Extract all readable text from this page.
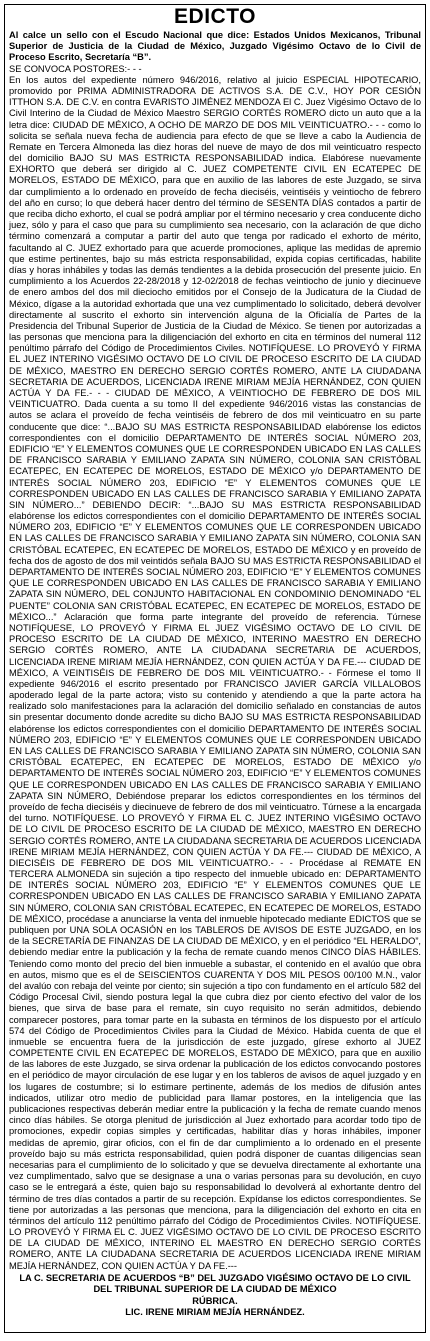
EDICTO

Al calce un sello con el Escudo Nacional que dice: Estados Unidos Mexicanos, Tribunal Superior de Justicia de la Ciudad de México, Juzgado Vigésimo Octavo de lo Civil de Proceso Escrito, Secretaría “B”.

SE CONVOCA POSTORES:- - -

En los autos del expediente número 946/2016, relativo al juicio ESPECIAL HIPOTECARIO, promovido por PRIMA ADMINISTRADORA DE ACTIVOS S.A. DE C.V., HOY POR CESIÓN ITTHON S.A. DE C.V. en contra EVARISTO JIMÉNEZ MENDOZA El C. Juez Vigésimo Octavo de lo Civil Interino de la Ciudad de México Maestro SERGIO CORTÉS ROMERO dicto un auto que a la letra dice: CIUDAD DE MÉXICO, A OCHO DE MARZO DE DOS MIL VEINTICUATRO.- - - como lo solicita se señala nueva fecha de audiencia para efecto de que se lleve a cabo la Audiencia de Remate en Tercera Almoneda las diez horas del nueve de mayo de dos mil veinticuatro respecto del domicilio BAJO SU MAS ESTRICTA RESPONSABILIDAD indica. Elabórese nuevamente EXHORTO que deberá ser dirigido al C. JUEZ COMPETENTE CIVIL EN ECATEPEC DE MORELOS, ESTADO DE MÉXICO, para que en auxilio de las labores de este Juzgado, se sirva dar cumplimiento a lo ordenado en proveído de fecha dieciséis, veintiséis y veintiocho de febrero del año en curso; lo que deberá hacer dentro del término de SESENTA DÍAS contados a partir de que reciba dicho exhorto, el cual se podrá ampliar por el término necesario y crea conducente dicho juez, sólo y para el caso que para su cumplimiento sea necesario, con la aclaración de que dicho término comenzará a computar a partir del auto que tenga por radicado el exhorto de mérito, facultando al C. JUEZ exhortado para que acuerde promociones, aplique las medidas de apremio que estime pertinentes, bajo su más estricta responsabilidad, expida copias certificadas, habilite días y horas inhábiles y todas las demás tendientes a la debida prosecución del presente juicio. En cumplimiento a los Acuerdos 22-28/2018 y 12-02/2018 de fechas veintiocho de junio y diecinueve de enero ambos del dos mil dieciocho emitidos por el Consejo de la Judicatura de la Ciudad de México, dígase a la autoridad exhortada que una vez cumplimentado lo solicitado, deberá devolver directamente al suscrito el exhorto sin intervención alguna de la Oficialía de Partes de la Presidencia del Tribunal Superior de Justicia de la Ciudad de México. Se tienen por autorizadas a las personas que menciona para la diligenciación del exhorto en cita en términos del numeral 112 penúltimo párrafo del Código de Procedimientos Civiles. NOTIFÍQUESE. LO PROVEYÓ Y FIRMA EL JUEZ INTERINO VIGÉSIMO OCTAVO DE LO CIVIL DE PROCESO ESCRITO DE LA CIUDAD DE MÉXICO, MAESTRO EN DERECHO SERGIO CORTÉS ROMERO, ANTE LA CIUDADANA SECRETARIA DE ACUERDOS, LICENCIADA IRENE MIRIAM MEJÍA HERNÁNDEZ, CON QUIEN ACTÚA Y DA FE.- - - CIUDAD DE MÉXICO, A VEINTIOCHO DE FEBRERO DE DOS MIL VEINTICUATRO. Dada cuenta a su tomo II del expediente 946/2016 vistas las constancias de autos se aclara el proveído de fecha veintiséis de febrero de dos mil veinticuatro en su parte conducente que dice: “...BAJO SU MAS ESTRICTA RESPONSABILIDAD elabórense los edictos correspondientes con el domicilio DEPARTAMENTO DE INTERÉS SOCIAL NÚMERO 203, EDIFICIO “E” Y ELEMENTOS COMUNES QUE LE CORRESPONDEN UBICADO EN LAS CALLES DE FRANCISCO SARABIA Y EMILIANO ZAPATA SIN NÚMERO, COLONIA SAN CRISTÓBAL ECATEPEC, EN ECATEPEC DE MORELOS, ESTADO DE MÉXICO y/o DEPARTAMENTO DE INTERÉS SOCIAL NÚMERO 203, EDIFICIO “E” Y ELEMENTOS COMUNES QUE LE CORRESPONDEN UBICADO EN LAS CALLES DE FRANCISCO SARABIA Y EMILIANO ZAPATA SIN NÚMERO...” DEBIENDO DECIR: “...BAJO SU MAS ESTRICTA RESPONSABILIDAD elabórense los edictos correspondientes con el domicilio DEPARTAMENTO DE INTERÉS SOCIAL NÚMERO 203, EDIFICIO “E” Y ELEMENTOS COMUNES QUE LE CORRESPONDEN UBICADO EN LAS CALLES DE FRANCISCO SARABIA Y EMILIANO ZAPATA SIN NÚMERO, COLONIA SAN CRISTÓBAL ECATEPEC, EN ECATEPEC DE MORELOS, ESTADO DE MÉXICO y en proveído de fecha dos de agosto de dos mil veintidós señala BAJO SU MAS ESTRICTA RESPONSABILIDAD el DEPARTAMENTO DE INTERÉS SOCIAL NÚMERO 203, EDIFICIO “E” Y ELEMENTOS COMUNES QUE LE CORRESPONDEN UBICADO EN LAS CALLES DE FRANCISCO SARABIA Y EMILIANO ZAPATA SIN NÚMERO, DEL CONJUNTO HABITACIONAL EN CONDOMINIO DENOMINADO “EL PUENTE” COLONIA SAN CRISTÓBAL ECATEPEC, EN ECATEPEC DE MORELOS, ESTADO DE MÉXICO...” Aclaración que forma parte integrante del proveído de referencia. Túrnese NOTIFÍQUESE, LO PROVEYÓ Y FIRMA EL JUEZ VIGÉSIMO OCTAVO DE LO CIVIL DE PROCESO ESCRITO DE LA CIUDAD DE MÉXICO, INTERINO MAESTRO EN DERECHO SERGIO CORTÉS ROMERO, ANTE LA CIUDADANA SECRETARIA DE ACUERDOS, LICENCIADA IRENE MIRIAM MEJÍA HERNÁNDEZ, CON QUIEN ACTÚA Y DA FE.--- CIUDAD DE MÉXICO, A VEINTISÉIS DE FEBRERO DE DOS MIL VEINTICUATRO.- - Fórmese el tomo II expediente 946/2016 el escrito presentado por FRANCISCO JAVIER GARCÍA VILLALOBOS apoderado legal de la parte actora; visto su contenido y atendiendo a que la parte actora ha realizado solo manifestaciones para la aclaración del domicilio señalado en constancias de autos sin presentar documento donde acredite su dicho BAJO SU MAS ESTRICTA RESPONSABILIDAD elabórense los edictos correspondientes con el domicilio DEPARTAMENTO DE INTERÉS SOCIAL NÚMERO 203, EDIFICIO “E” Y ELEMENTOS COMUNES QUE LE CORRESPONDEN UBICADO EN LAS CALLES DE FRANCISCO SARABIA Y EMILIANO ZAPATA SIN NÚMERO, COLONIA SAN CRISTÓBAL ECATEPEC, EN ECATEPEC DE MORELOS, ESTADO DE MÉXICO y/o DEPARTAMENTO DE INTERÉS SOCIAL NÚMERO 203, EDIFICIO “E” Y ELEMENTOS COMUNES QUE LE CORRESPONDEN UBICADO EN LAS CALLES DE FRANCISCO SARABIA Y EMILIANO ZAPATA SIN NÚMERO, Debiéndose preparar los edictos correspondientes en los términos del proveído de fecha dieciséis y diecinueve de febrero de dos mil veinticuatro. Túrnese a la encargada del turno. NOTIFÍQUESE. LO PROVEYÓ Y FIRMA EL C. JUEZ INTERINO VIGÉSIMO OCTAVO DE LO CIVIL DE PROCESO ESCRITO DE LA CIUDAD DE MÉXICO, MAESTRO EN DERECHO SERGIO CORTÉS ROMERO, ANTE LA CIUDADANA SECRETARIA DE ACUERDOS LICENCIADA IRENE MIRIAM MEJÍA HERNÁNDEZ, CON QUIEN ACTÚA Y DA FE.--- CIUDAD DE MÉXICO, A DIECISÉIS DE FEBRERO DE DOS MIL VEINTICUATRO.- - - Procédase al REMATE EN TERCERA ALMONEDA sin sujeción a tipo respecto del inmueble ubicado en: DEPARTAMENTO DE INTERÉS SOCIAL NÚMERO 203, EDIFICIO “E” Y ELEMENTOS COMUNES QUE LE CORRESPONDEN UBICADO EN LAS CALLES DE FRANCISCO SARABIA Y EMILIANO ZAPATA SIN NÚMERO, COLONIA SAN CRISTÓBAL ECATEPEC, EN ECATEPEC DE MORELOS, ESTADO DE MÉXICO, procédase a anunciarse la venta del inmueble hipotecado mediante EDICTOS que se publiquen por UNA SOLA OCASIÓN en los TABLEROS DE AVISOS DE ESTE JUZGADO, en los de la SECRETARÍA DE FINANZAS DE LA CIUDAD DE MÉXICO, y en el periódico “EL HERALDO”, debiendo mediar entre la publicación y la fecha de remate cuando menos CINCO DÍAS HÁBILES. Teniendo como monto del precio del bien inmueble a subastar, el contenido en el avalúo que obra en autos, mismo que es el de SEISCIENTOS CUARENTA Y DOS MIL PESOS 00/100 M.N., valor del avalúo con rebaja del veinte por ciento; sin sujeción a tipo con fundamento en el artículo 582 del Código Procesal Civil, siendo postura legal la que cubra diez por ciento efectivo del valor de los bienes, que sirva de base para el remate, sin cuyo requisito no serán admitidos, debiendo comparecer postores, para tomar parte en la subasta en términos de los dispuesto por el artículo 574 del Código de Procedimientos Civiles para la Ciudad de México. Habida cuenta de que el inmueble se encuentra fuera de la jurisdicción de este juzgado, gírese exhorto al JUEZ COMPETENTE CIVIL EN ECATEPEC DE MORELOS, ESTADO DE MÉXICO, para que en auxilio de las labores de este Juzgado, se sirva ordenar la publicación de los edictos convocando postores en el periódico de mayor circulación de ese lugar y en los tableros de avisos de aquel juzgado y en los lugares de costumbre; si lo estimare pertinente, además de los medios de difusión antes indicados, utilizar otro medio de publicidad para llamar postores, en la inteligencia que las publicaciones respectivas deberán mediar entre la publicación y la fecha de remate cuando menos cinco días hábiles. Se otorga plenitud de jurisdicción al Juez exhortado para acordar todo tipo de promociones, expedir copias simples y certificadas, habilitar días y horas inhábiles, imponer medidas de apremio, girar oficios, con el fin de dar cumplimiento a lo ordenado en el presente proveído bajo su más estricta responsabilidad, quien podrá disponer de cuantas diligencias sean necesarias para el cumplimiento de lo solicitado y que se devuelva directamente al exhortante una vez cumplimentado, salvo que se designase a una o varias personas para su devolución, en cuyo caso se le entregará a éste, quien bajo su responsabilidad lo devolverá al exhortante dentro del término de tres días contados a partir de su recepción. Expídanse los edictos correspondientes. Se tiene por autorizadas a las personas que menciona, para la diligenciación del exhorto en cita en términos del artículo 112 penúltimo párrafo del Código de Procedimientos Civiles. NOTIFÍQUESE. LO PROVEYÓ Y FIRMA EL C. JUEZ VIGÉSIMO OCTAVO DE LO CIVIL DE PROCESO ESCRITO DE LA CIUDAD DE MÉXICO, INTERINO EL MAESTRO EN DERECHO SERGIO CORTÉS ROMERO, ANTE LA CIUDADANA SECRETARIA DE ACUERDOS LICENCIADA IRENE MIRIAM MEJÍA HERNÁNDEZ, CON QUIEN ACTÚA Y DA FE.---

LA C. SECRETARIA DE ACUERDOS “B” DEL JUZGADO VIGÉSIMO OCTAVO DE LO CIVIL DEL TRIBUNAL SUPERIOR DE LA CIUDAD DE MÉXICO
RÚBRICA.
LIC. IRENE MIRIAM MEJÍA HERNÁNDEZ.
